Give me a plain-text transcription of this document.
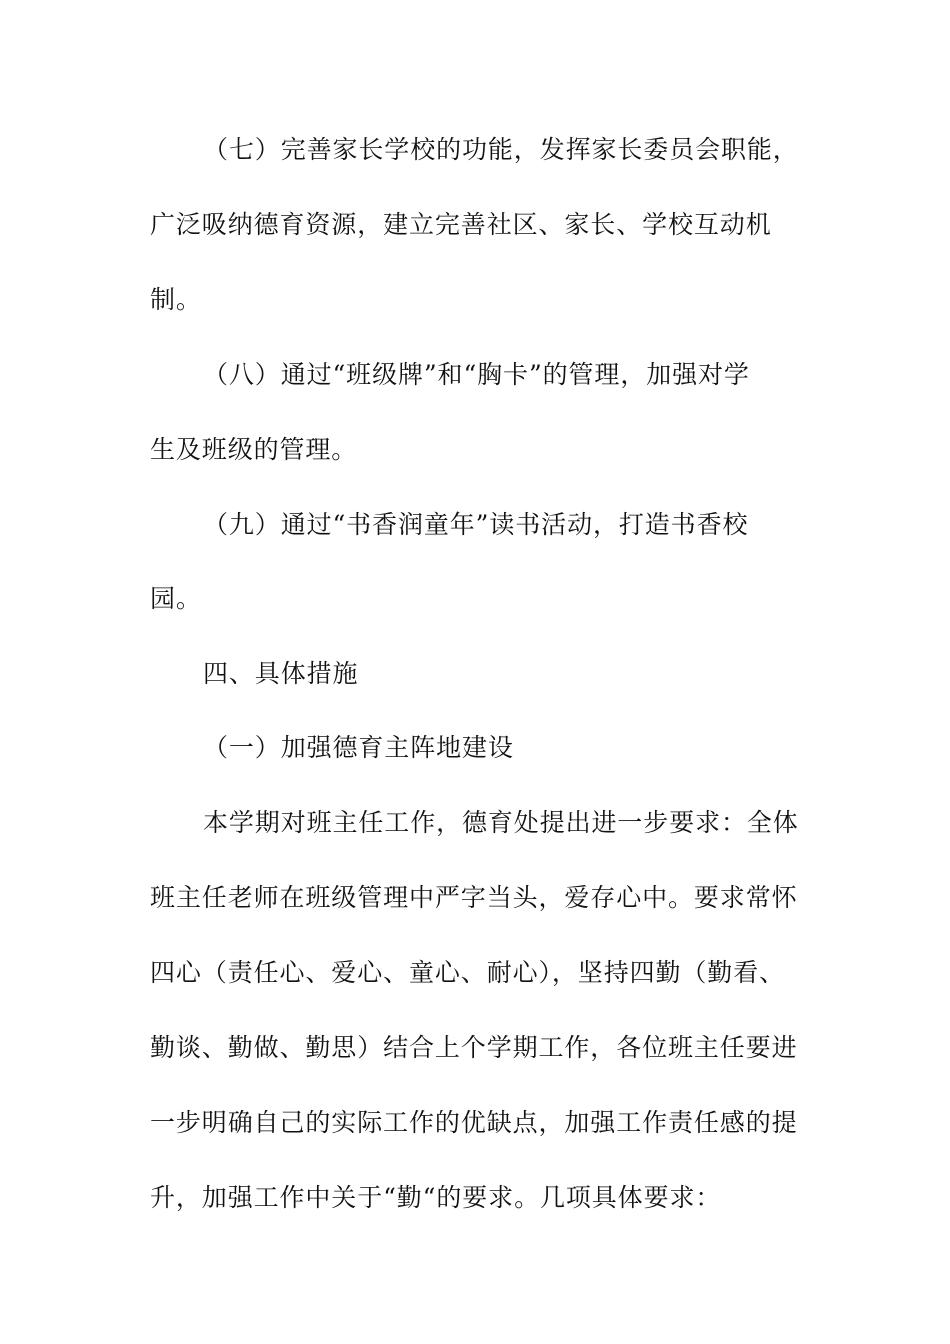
（七）完善家长学校的功能，发挥家长委员会职能，
广泛吸纳德育资源，建立完善社区、家长、学校互动机
制。
（八）通过“班级牌”和“胸卡”的管理，加强对学
生及班级的管理。
（九）通过“书香润童年”读书活动，打造书香校
园。
四、具体措施
（一）加强德育主阵地建设
本学期对班主任工作，德育处提出进一步要求：全体
班主任老师在班级管理中严字当头，爱存心中。要求常怀
四心（责任心、爱心、童心、耐心），坚持四勤（勤看、
勤谈、勤做、勤思）结合上个学期工作，各位班主任要进
一步明确自己的实际工作的优缺点，加强工作责任感的提
升，加强工作中关于“勤“的要求。几项具体要求：
